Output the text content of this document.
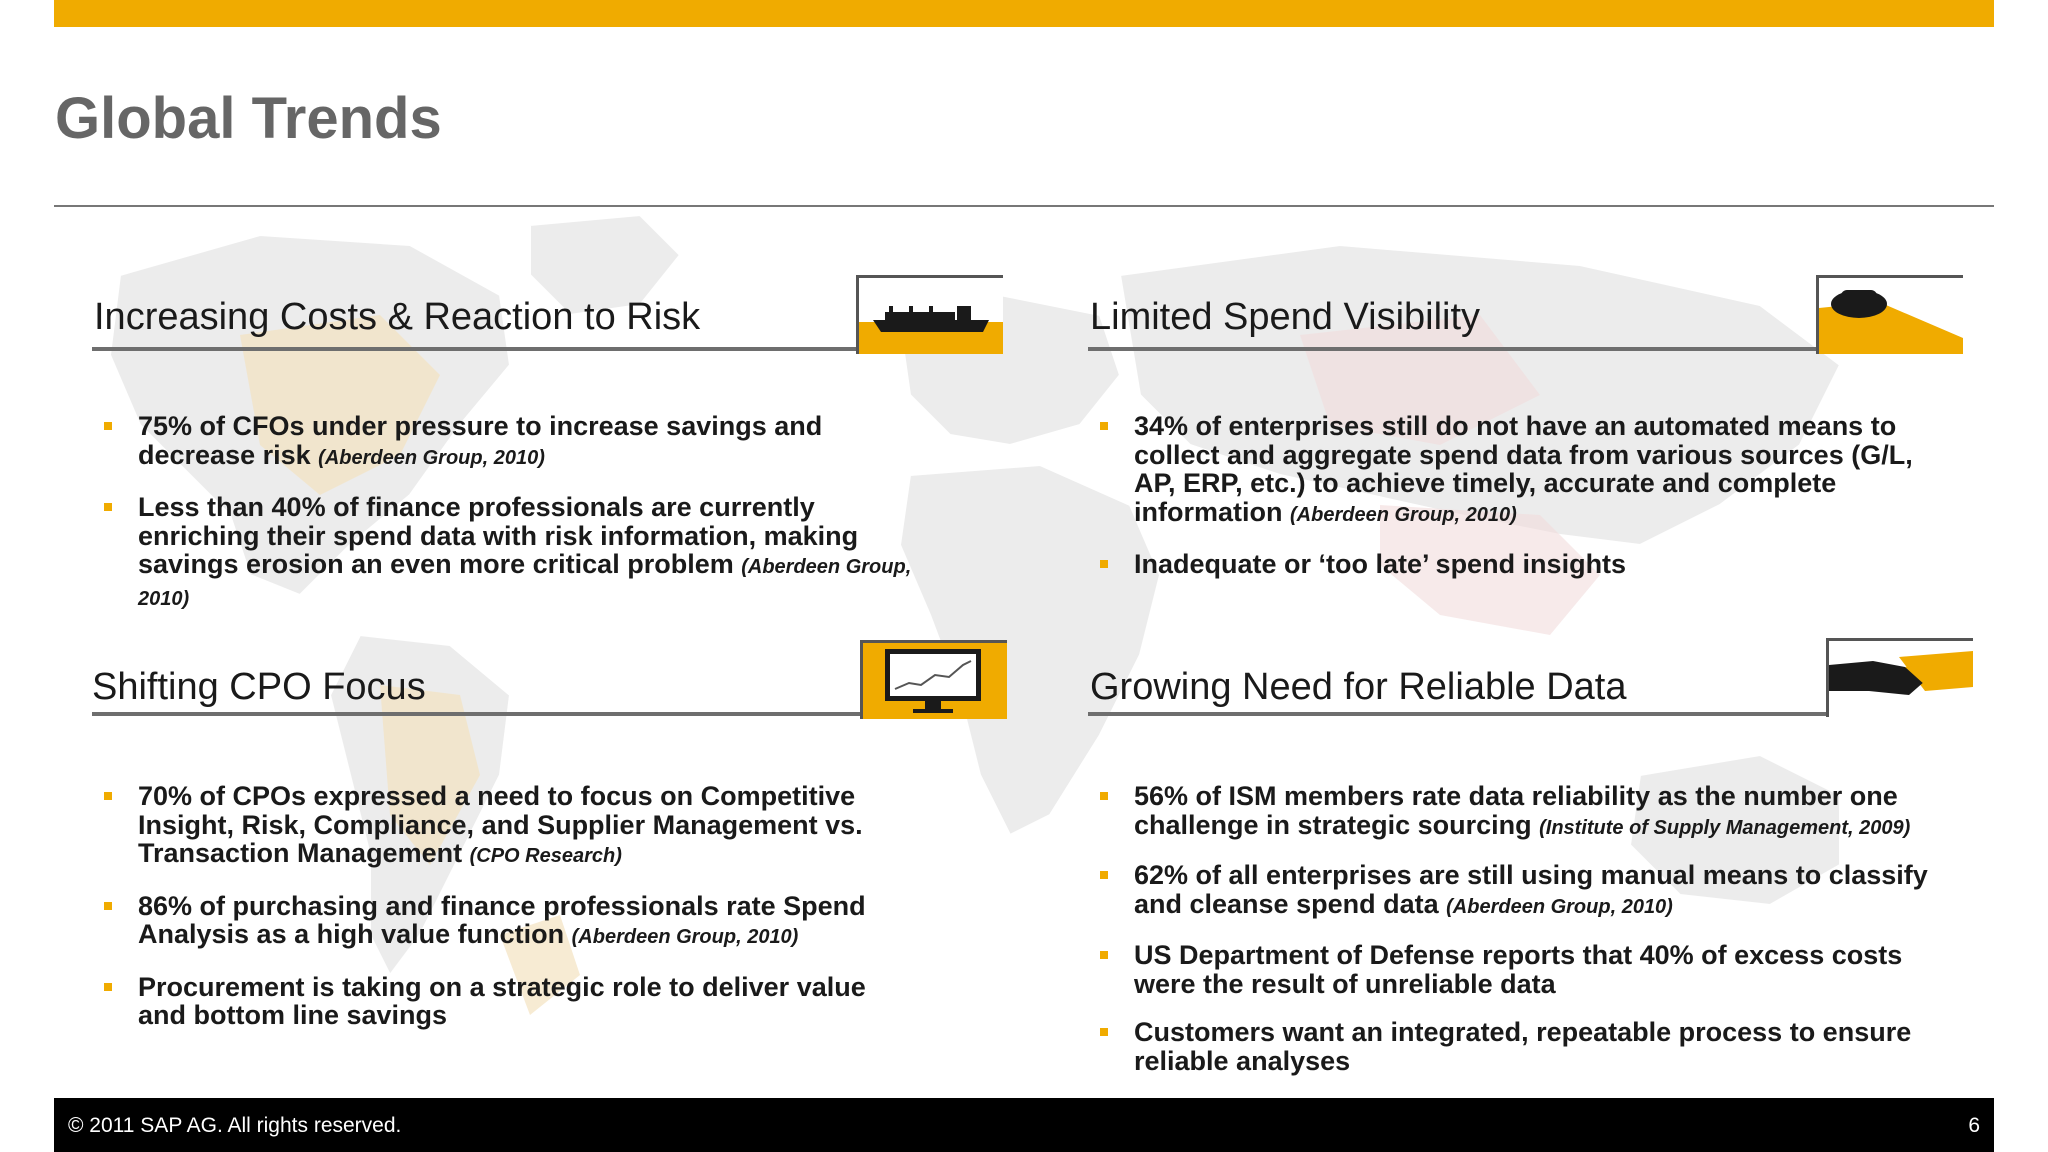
Global Trends
Increasing Costs & Reaction to Risk
75% of CFOs under pressure to increase savings and decrease risk (Aberdeen Group, 2010)
Less than 40% of finance professionals are currently enriching their spend data with risk information, making savings erosion an even more critical problem (Aberdeen Group, 2010)
Limited Spend Visibility
34% of enterprises still do not have an automated means to collect and aggregate spend data from various sources (G/L, AP, ERP, etc.) to achieve timely, accurate and complete information (Aberdeen Group, 2010)
Inadequate or ‘too late’ spend insights
Shifting CPO Focus
70% of CPOs expressed a need to focus on Competitive Insight, Risk, Compliance, and Supplier Management vs. Transaction Management (CPO Research)
86% of purchasing and finance professionals rate Spend Analysis as a high value function (Aberdeen Group, 2010)
Procurement is taking on a strategic role to deliver value and bottom line savings
Growing Need for Reliable Data
56% of ISM members rate data reliability as the number one challenge in strategic sourcing (Institute of Supply Management, 2009)
62% of all enterprises are still using manual means to classify and cleanse spend data (Aberdeen Group, 2010)
US Department of Defense reports that 40% of excess costs were the result of unreliable data
Customers want an integrated, repeatable process to ensure reliable analyses
© 2011 SAP AG. All rights reserved.	6
